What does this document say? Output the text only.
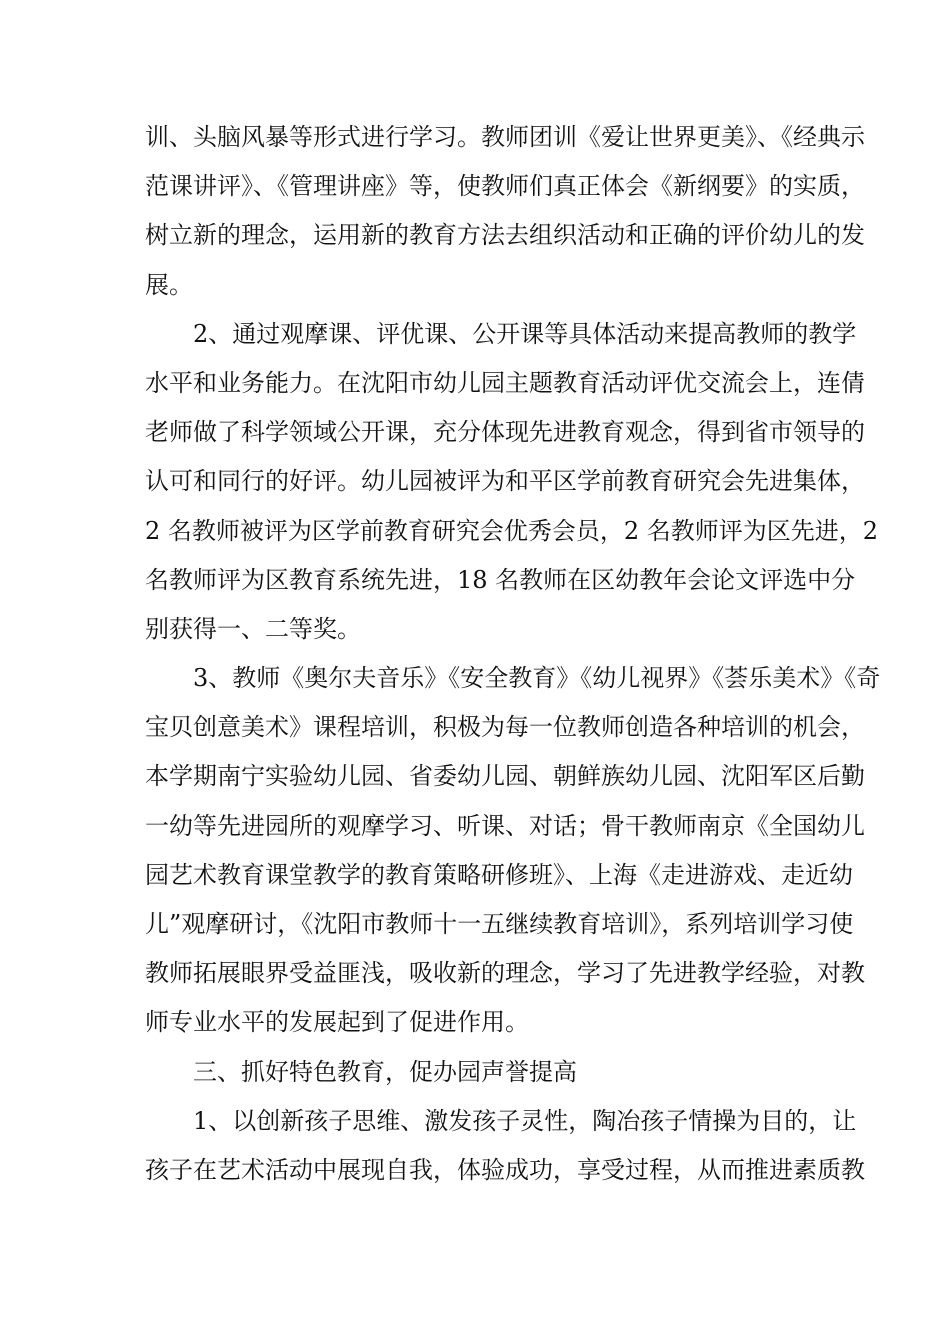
训、头脑风暴等形式进行学习。教师团训《爱让世界更美》、《经典示
范课讲评》、《管理讲座》等，使教师们真正体会《新纲要》的实质，
树立新的理念，运用新的教育方法去组织活动和正确的评价幼儿的发
展。
2、通过观摩课、评优课、公开课等具体活动来提高教师的教学
水平和业务能力。在沈阳市幼儿园主题教育活动评优交流会上，连倩
老师做了科学领域公开课，充分体现先进教育观念，得到省市领导的
认可和同行的好评。幼儿园被评为和平区学前教育研究会先进集体，
2 名教师被评为区学前教育研究会优秀会员，2 名教师评为区先进，2
名教师评为区教育系统先进，18 名教师在区幼教年会论文评选中分
别获得一、二等奖。
3、教师《奥尔夫音乐》《安全教育》《幼儿视界》《荟乐美术》《奇
宝贝创意美术》课程培训，积极为每一位教师创造各种培训的机会，
本学期南宁实验幼儿园、省委幼儿园、朝鲜族幼儿园、沈阳军区后勤
一幼等先进园所的观摩学习、听课、对话；骨干教师南京《全国幼儿
园艺术教育课堂教学的教育策略研修班》、上海《走进游戏、走近幼
儿”观摩研讨，《沈阳市教师十一五继续教育培训》，系列培训学习使
教师拓展眼界受益匪浅，吸收新的理念，学习了先进教学经验，对教
师专业水平的发展起到了促进作用。
三、抓好特色教育，促办园声誉提高
1、以创新孩子思维、激发孩子灵性，陶冶孩子情操为目的，让
孩子在艺术活动中展现自我，体验成功，享受过程，从而推进素质教
